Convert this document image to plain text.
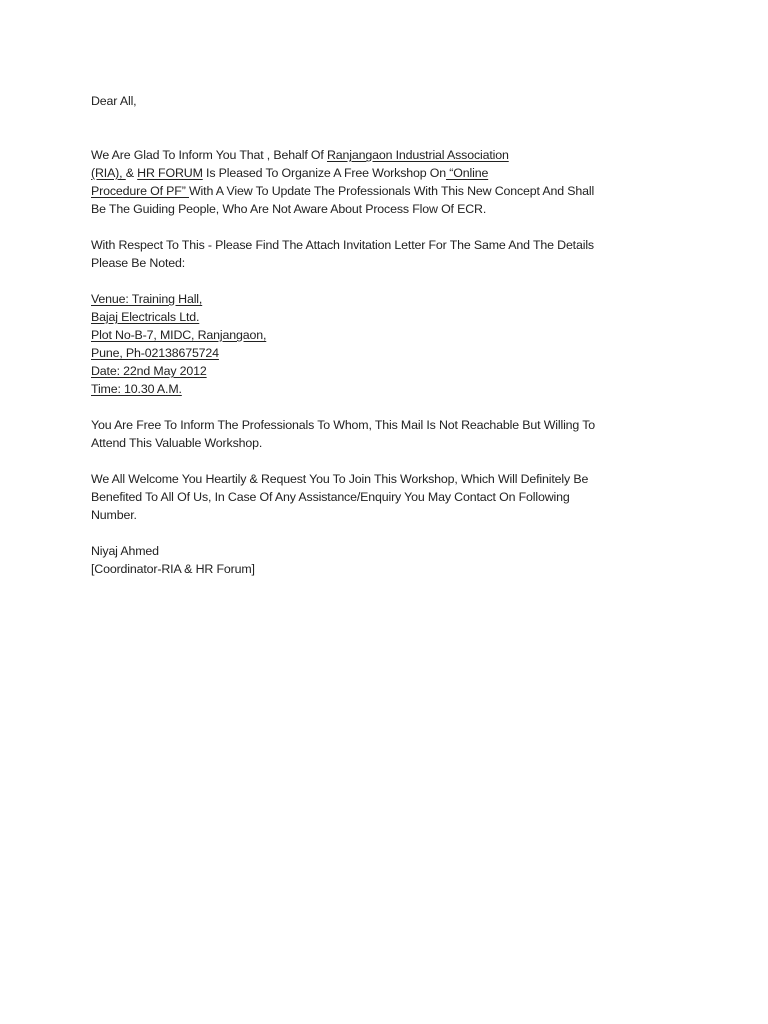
Dear All,

We Are Glad To Inform You That , Behalf Of Ranjangaon Industrial Association
(RIA), & HR FORUM Is Pleased To Organize A Free Workshop On “Online
Procedure Of PF” With A View To Update The Professionals With This New Concept And Shall Be The Guiding People, Who Are Not Aware About Process Flow Of ECR.

With Respect To This - Please Find The Attach Invitation Letter For The Same And The Details Please Be Noted:

Venue: Training Hall,
Bajaj Electricals Ltd.
Plot No-B-7, MIDC, Ranjangaon,
Pune, Ph-02138675724
Date: 22nd May 2012
Time: 10.30 A.M.

You Are Free To Inform The Professionals To Whom, This Mail Is Not Reachable But Willing To Attend This Valuable Workshop.

We All Welcome You Heartily & Request You To Join This Workshop, Which Will Definitely Be Benefited To All Of Us, In Case Of Any Assistance/Enquiry You May Contact On Following Number.

Niyaj Ahmed
[Coordinator-RIA & HR Forum]
